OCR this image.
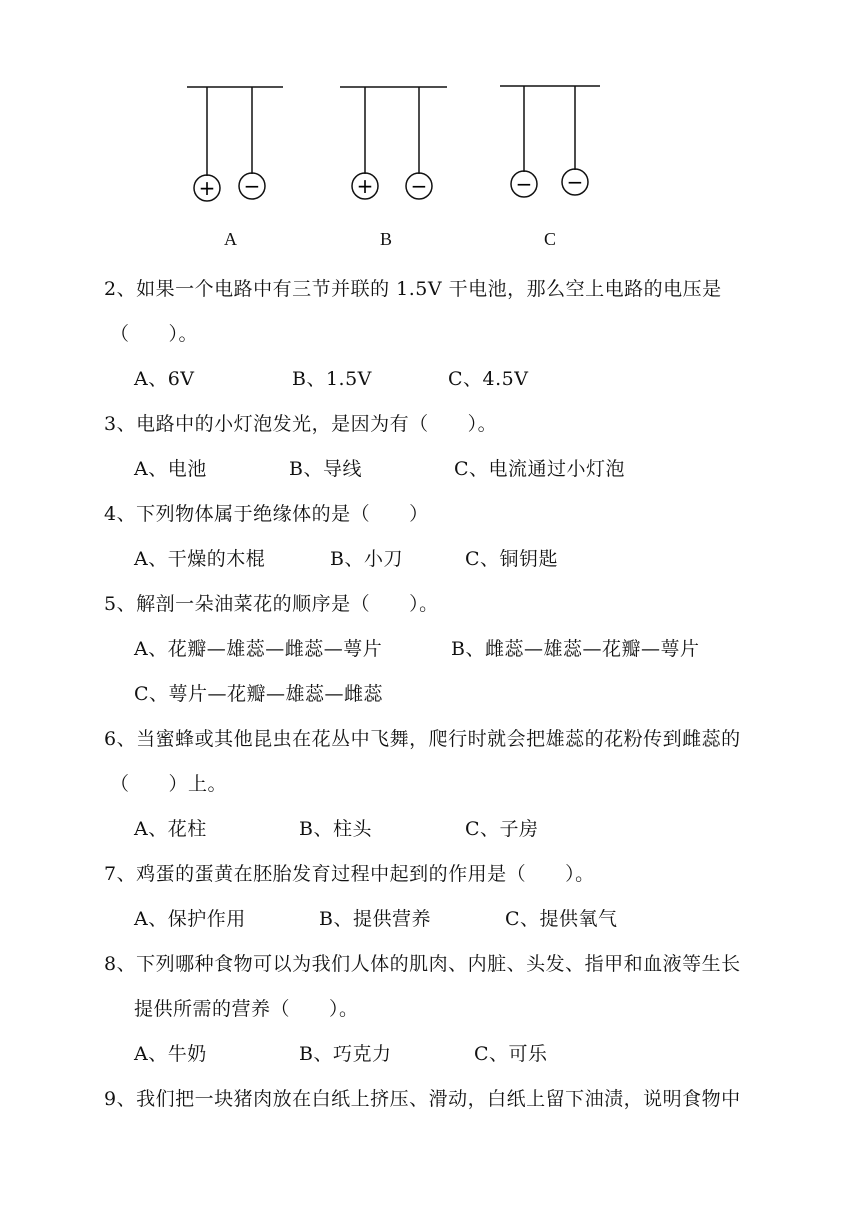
+ −	+ −	− −
A	B	C
2、如果一个电路中有三节并联的 1.5V 干电池，那么空上电路的电压是
（　　）。
A、6V	B、1.5V	C、4.5V
3、电路中的小灯泡发光，是因为有（　　）。
A、电池	B、导线	C、电流通过小灯泡
4、下列物体属于绝缘体的是（　　）
A、干燥的木棍	B、小刀	C、铜钥匙
5、解剖一朵油菜花的顺序是（　　）。
A、花瓣—雄蕊—雌蕊—萼片	B、雌蕊—雄蕊—花瓣—萼片
C、萼片—花瓣—雄蕊—雌蕊
6、当蜜蜂或其他昆虫在花丛中飞舞，爬行时就会把雄蕊的花粉传到雌蕊的
（　　）上。
A、花柱	B、柱头	C、子房
7、鸡蛋的蛋黄在胚胎发育过程中起到的作用是（　　）。
A、保护作用	B、提供营养	C、提供氧气
8、下列哪种食物可以为我们人体的肌肉、内脏、头发、指甲和血液等生长
提供所需的营养（　　）。
A、牛奶	B、巧克力	C、可乐
9、我们把一块猪肉放在白纸上挤压、滑动，白纸上留下油渍，说明食物中
